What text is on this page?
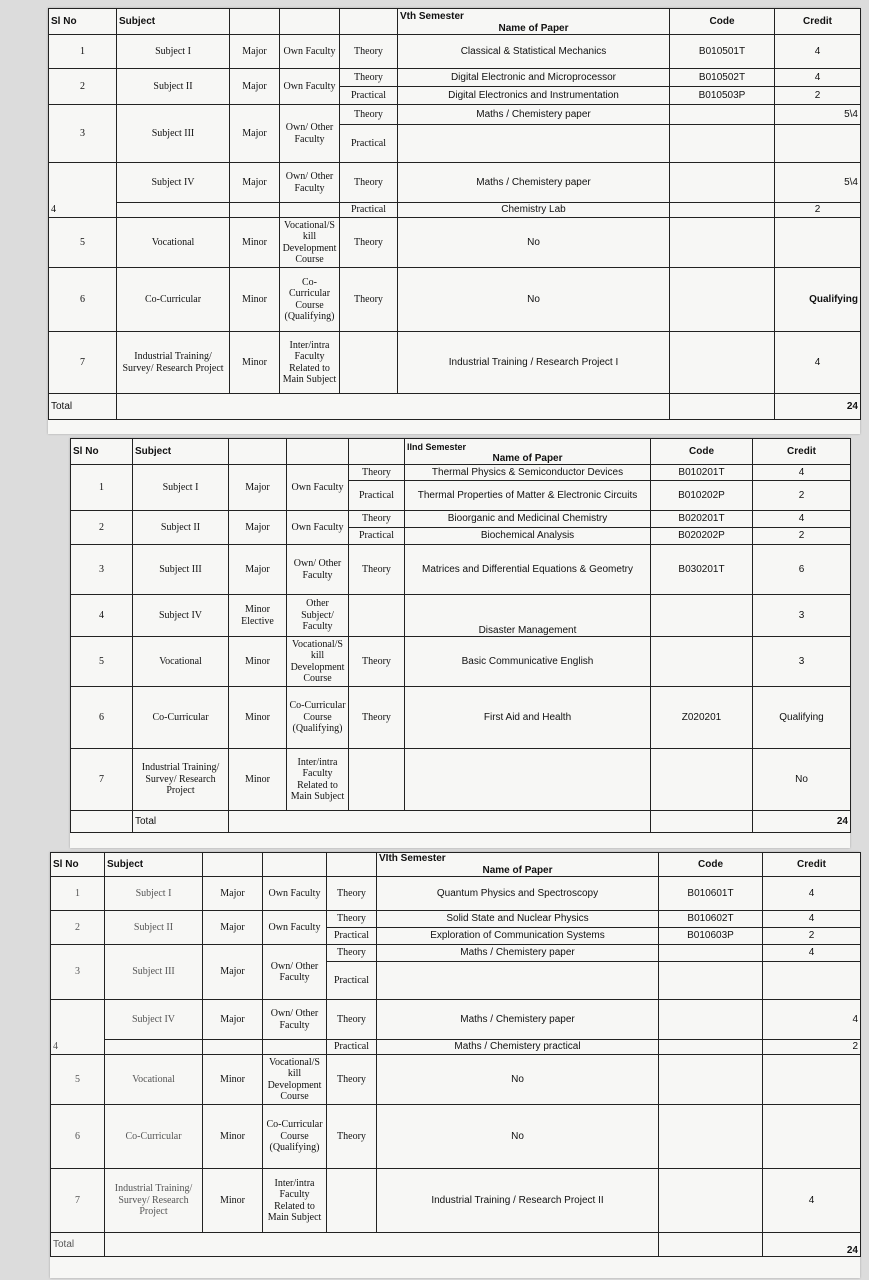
Sl No	Subject				Vth Semester
Name of Paper	Code	Credit
1	Subject I	Major	Own Faculty	Theory	Classical & Statistical Mechanics	B010501T	4
2	Subject II	Major	Own Faculty	Theory	Digital Electronic and Microprocessor	B010502T	4
				Practical	Digital Electronics and Instrumentation	B010503P	2
3	Subject III	Major	Own/ Other Faculty	Theory	Maths / Chemistery paper		5\4
				Practical			
	Subject IV	Major	Own/ Other Faculty	Theory	Maths / Chemistery paper		5\4
4				Practical	Chemistry Lab		2
5	Vocational	Minor	Vocational/S kill Development Course	Theory	No		
6	Co-Curricular	Minor	Co-Curricular Course (Qualifying)	Theory	No		Qualifying
7	Industrial Training/ Survey/ Research Project	Minor	Inter/intra Faculty Related to Main Subject		Industrial Training / Research Project I		4
Total							24
Sl No	Subject				IInd Semester
Name of Paper	Code	Credit
1	Subject I	Major	Own Faculty	Theory	Thermal Physics & Semiconductor Devices	B010201T	4
				Practical	Thermal Properties of Matter & Electronic Circuits	B010202P	2
2	Subject II	Major	Own Faculty	Theory	Bioorganic and Medicinal Chemistry	B020201T	4
				Practical	Biochemical Analysis	B020202P	2
3	Subject III	Major	Own/ Other Faculty	Theory	Matrices and Differential Equations & Geometry	B030201T	6
4	Subject IV	Minor Elective	Other Subject/ Faculty		Disaster Management		3
5	Vocational	Minor	Vocational/S kill Development Course	Theory	Basic Communicative English		3
6	Co-Curricular	Minor	Co-Curricular Course (Qualifying)	Theory	First Aid and Health	Z020201	Qualifying
7	Industrial Training/ Survey/ Research Project	Minor	Inter/intra Faculty Related to Main Subject				No
	Total						24
Sl No	Subject				VIth Semester
Name of Paper	Code	Credit
1	Subject I	Major	Own Faculty	Theory	Quantum Physics and Spectroscopy	B010601T	4
2	Subject II	Major	Own Faculty	Theory	Solid State and Nuclear Physics	B010602T	4
				Practical	Exploration of Communication Systems	B010603P	2
3	Subject III	Major	Own/ Other Faculty	Theory	Maths / Chemistery paper		4
				Practical			
	Subject IV	Major	Own/ Other Faculty	Theory	Maths / Chemistery paper		4
4				Practical	Maths / Chemistery practical		2
5	Vocational	Minor	Vocational/S kill Development Course	Theory	No		
6	Co-Curricular	Minor	Co-Curricular Course (Qualifying)	Theory	No		
7	Industrial Training/ Survey/ Research Project	Minor	Inter/intra Faculty Related to Main Subject		Industrial Training / Research Project II		4
Total							24
